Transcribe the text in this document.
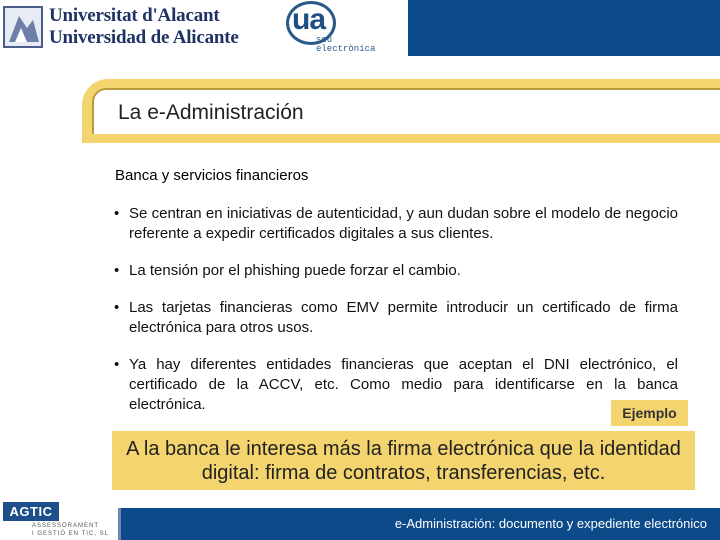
Universitat d'Alacant
Universidad de Alicante
ua
seu
electrònica
La e-Administración
Banca y servicios financieros
• Se centran en iniciativas de autenticidad, y aun dudan sobre el modelo de negocio referente a expedir certificados digitales a sus clientes.
• La tensión por el phishing puede forzar el cambio.
• Las tarjetas financieras como EMV permite introducir un certificado de firma electrónica para otros usos.
• Ya hay diferentes entidades financieras que aceptan el DNI electrónico, el certificado de la ACCV, etc. Como medio para identificarse en la banca electrónica.	Ejemplo
A la banca le interesa más la firma electrónica que la identidad digital: firma de contratos, transferencias, etc.
AGTIC
ASSESSORAMENT
I GESTIÓ EN TIC, SL
e-Administración: documento y expediente electrónico
